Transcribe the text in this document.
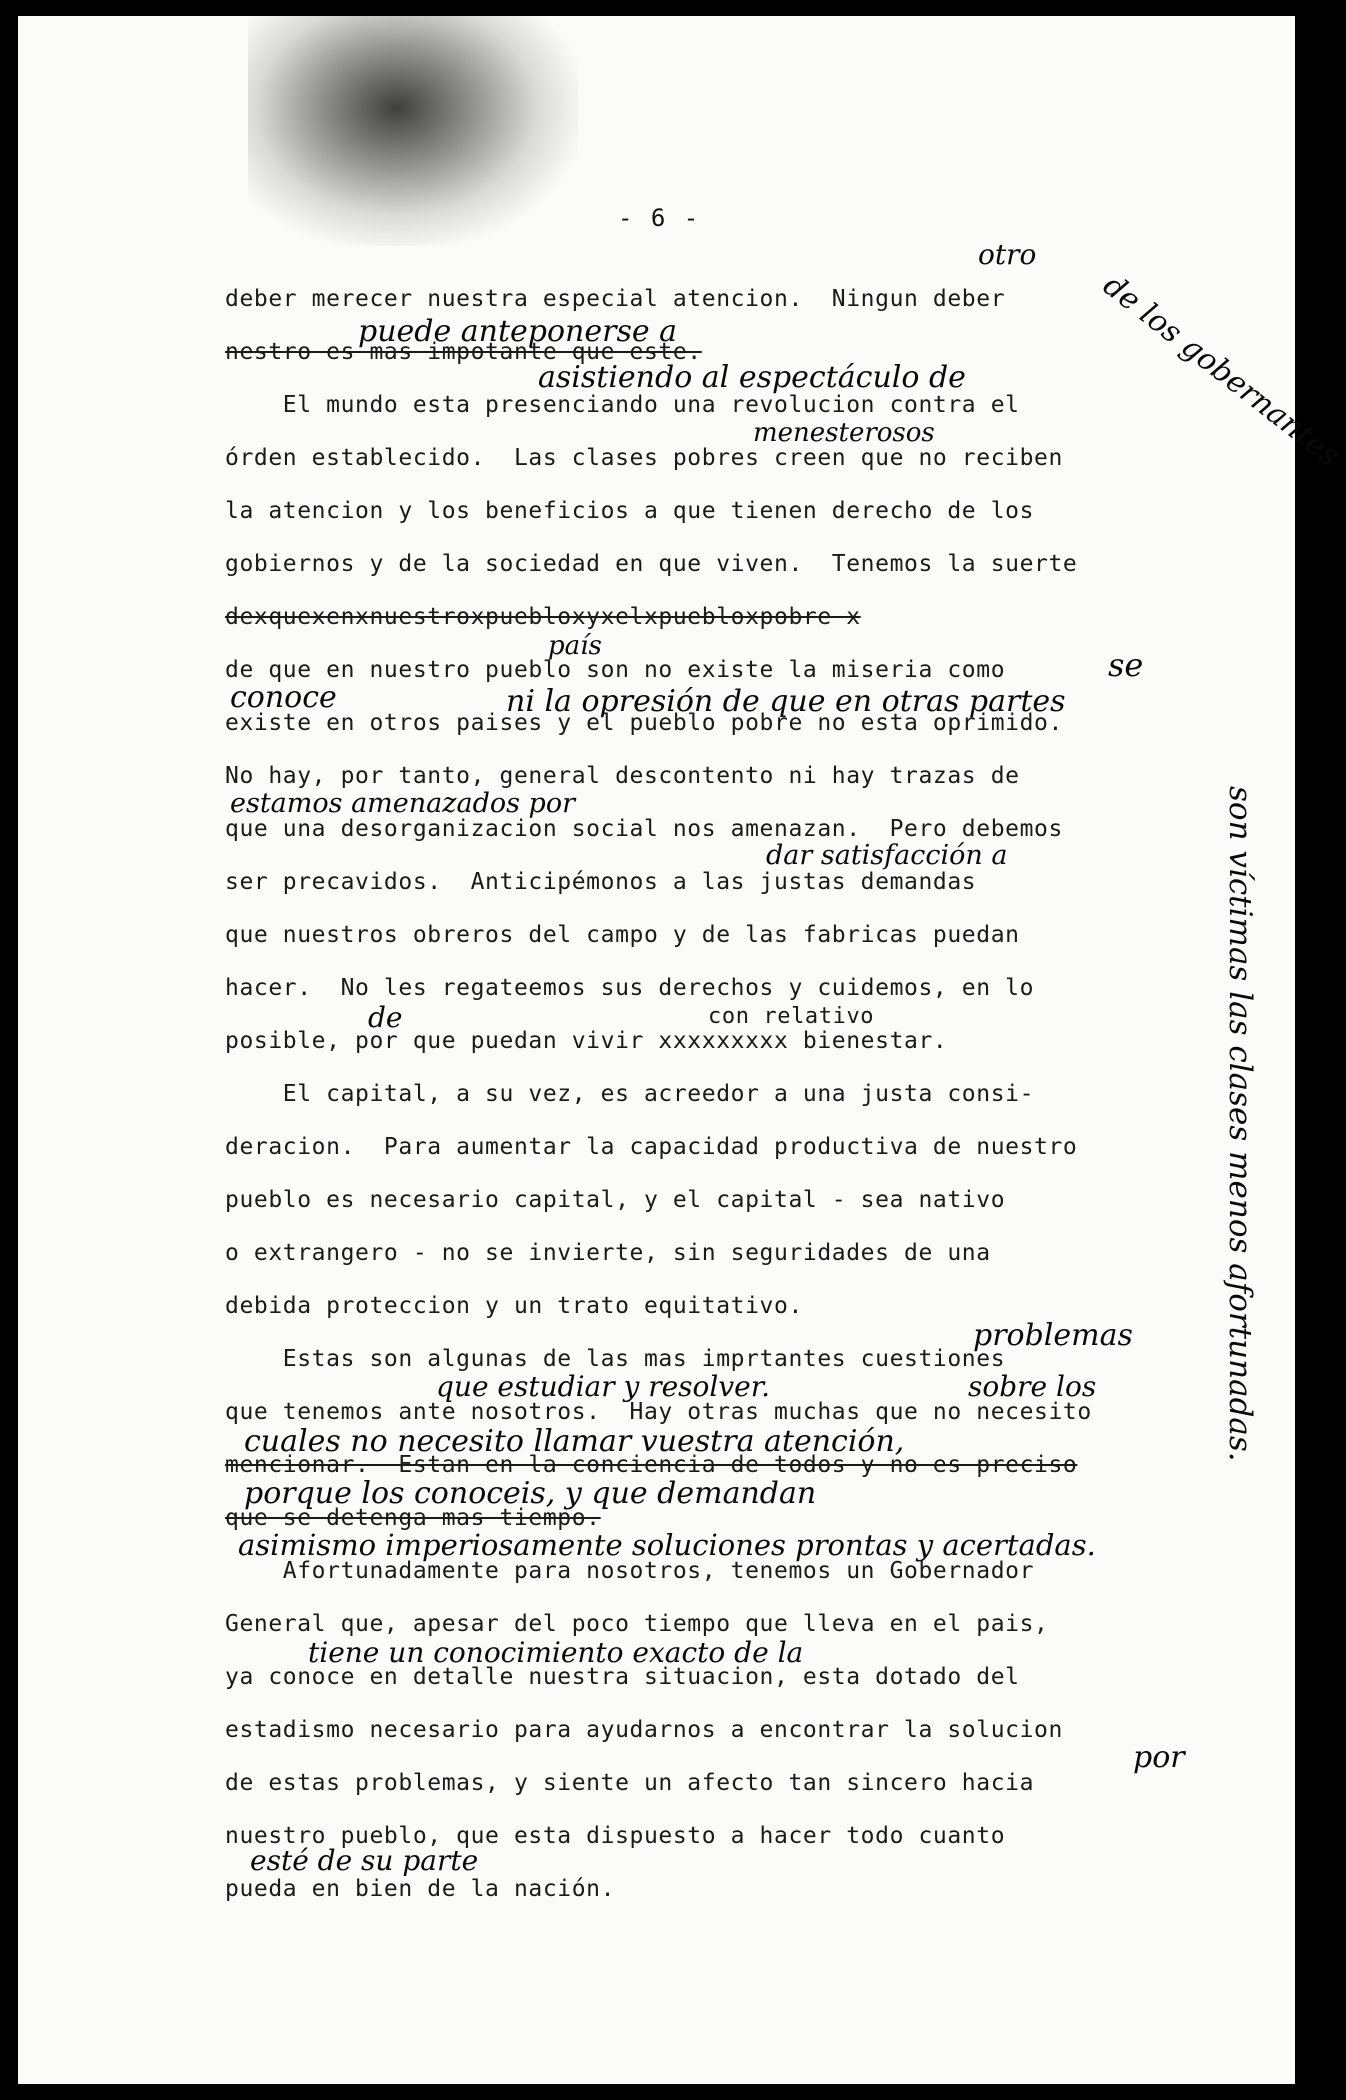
- 6 -
deber merecer nuestra especial atencion.  Ningun deber
nestro es mas impotante que este.
El mundo esta presenciando una revolucion contra el
órden establecido.  Las clases pobres creen que no reciben
la atencion y los beneficios a que tienen derecho de los
gobiernos y de la sociedad en que viven.  Tenemos la suerte
dexquexenxnuestroxpuebloxyxelxpuebloxpobre x
de que en nuestro pueblo son no existe la miseria como
existe en otros paises y el pueblo pobre no esta oprimido.
No hay, por tanto, general descontento ni hay trazas de
que una desorganizacion social nos amenazan.  Pero debemos
ser precavidos.  Anticipémonos a las justas demandas
que nuestros obreros del campo y de las fabricas puedan
hacer.  No les regateemos sus derechos y cuidemos, en lo
posible, por que puedan vivir xxxxxxxxx bienestar.
El capital, a su vez, es acreedor a una justa consi-
deracion.  Para aumentar la capacidad productiva de nuestro
pueblo es necesario capital, y el capital - sea nativo
o extrangero - no se invierte, sin seguridades de una
debida proteccion y un trato equitativo.
Estas son algunas de las mas imprtantes cuestiones
que tenemos ante nosotros.  Hay otras muchas que no necesito
mencionar.  Estan en la conciencia de todos y no es preciso
que se detenga mas tiempo.
Afortunadamente para nosotros, tenemos un Gobernador
General que, apesar del poco tiempo que lleva en el pais,
ya conoce en detalle nuestra situacion, esta dotado del
estadismo necesario para ayudarnos a encontrar la solucion
de estas problemas, y siente un afecto tan sincero hacia
nuestro pueblo, que esta dispuesto a hacer todo cuanto
pueda en bien de la nación.
otro
de los gobernantes
puede anteponerse a
asistiendo al espectáculo de
menesterosos
país	se
conoce	ni la opresión de que en otras partes
estamos amenazados por
dar satisfacción a
de	con relativo
problemas
que estudiar y resolver.	sobre los
cuales no necesito llamar vuestra atención,
porque los conoceis, y que demandan
asimismo imperiosamente soluciones prontas y acertadas.
son víctimas las clases menos afortunadas.
tiene un conocimiento exacto de la
por
esté de su parte
